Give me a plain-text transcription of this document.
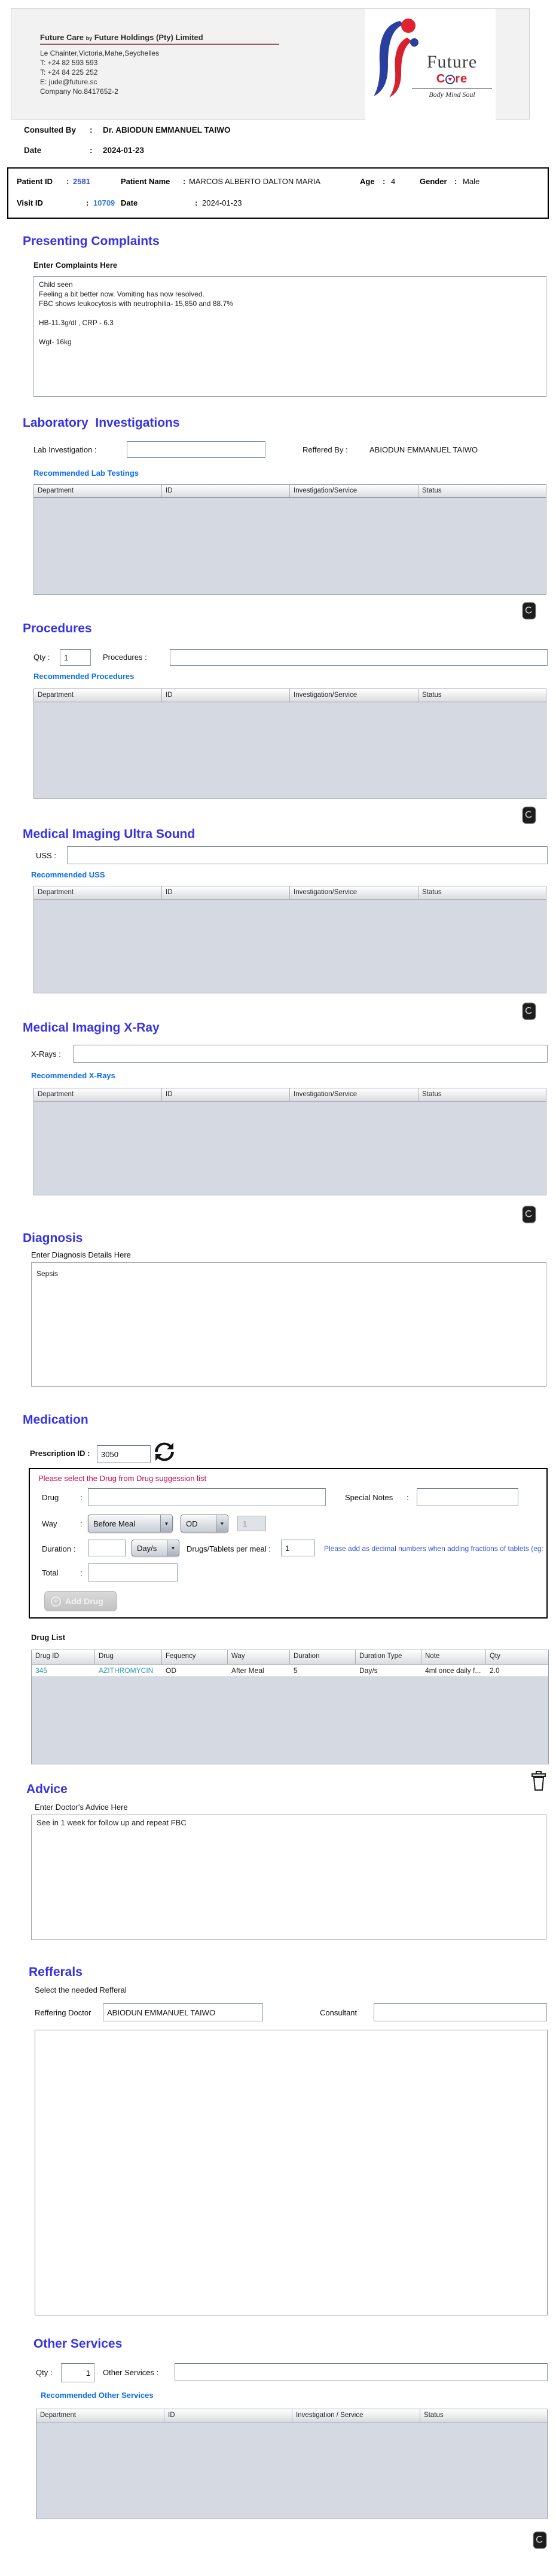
Future Care by Future Holdings (Pty) Limited
Le Chainter,Victoria,Mahe,Seychelles
T: +24 82 593 593
T: +24 84 225 252
E: jude@future.sc
Company No.8417652-2
Future
C ♥ re
Body Mind Soul
Consulted By : Dr. ABIODUN EMMANUEL TAIWO
Date	: 2024-01-23
Patient ID : 2581	Patient Name : MARCOS ALBERTO DALTON MARIA	Age : 4	Gender : Male
Visit ID	: 10709 Date	: 2024-01-23
Presenting Complaints
Enter Complaints Here
Child seen Feeling a bit better now. Vomiting has now resolved. FBC shows leukocytosis with neutrophilia- 15,850 and 88.7% HB-11.3g/dl , CRP - 6.3 Wgt- 16kg
Laboratory  Investigations
Lab Investigation :	Reffered By :	ABIODUN EMMANUEL TAIWO
Recommended Lab Testings
Department	ID	Investigation/Service	Status
Procedures
Qty :
1	Procedures :
Recommended Procedures
Department	ID	Investigation/Service	Status
Medical Imaging Ultra Sound
USS :
Recommended USS
Department	ID	Investigation/Service	Status
Medical Imaging X-Ray
X-Rays :
Recommended X-Rays
Department	ID	Investigation/Service	Status
Diagnosis
Enter Diagnosis Details Here
Sepsis
Medication
Prescription ID :
3050
Please select the Drug from Drug suggession list
Drug	:	Special Notes :
Way	: Before Meal	▼	OD	▼
1
Duration :	Day/s	▼	Drugs/Tablets per meal :
1	Please add as decimal numbers when adding fractions of tablets (eg:
Total	:
+ Add Drug
Drug List
Drug ID	Drug	Fequency	Way	Duration	Duration Type	Note	Qty
345	AZITHROMYCIN	OD	After Meal	5	Day/s	4ml once daily f...	2.0
Advice
Enter Doctor's Advice Here
See in 1 week for follow up and repeat FBC
Refferals
Select the needed Refferal
Reffering Doctor
ABIODUN EMMANUEL TAIWO	Consultant
Other Services
Qty :
1	Other Services :
Recommended Other Services
Department	ID	Investigation / Service	Status
